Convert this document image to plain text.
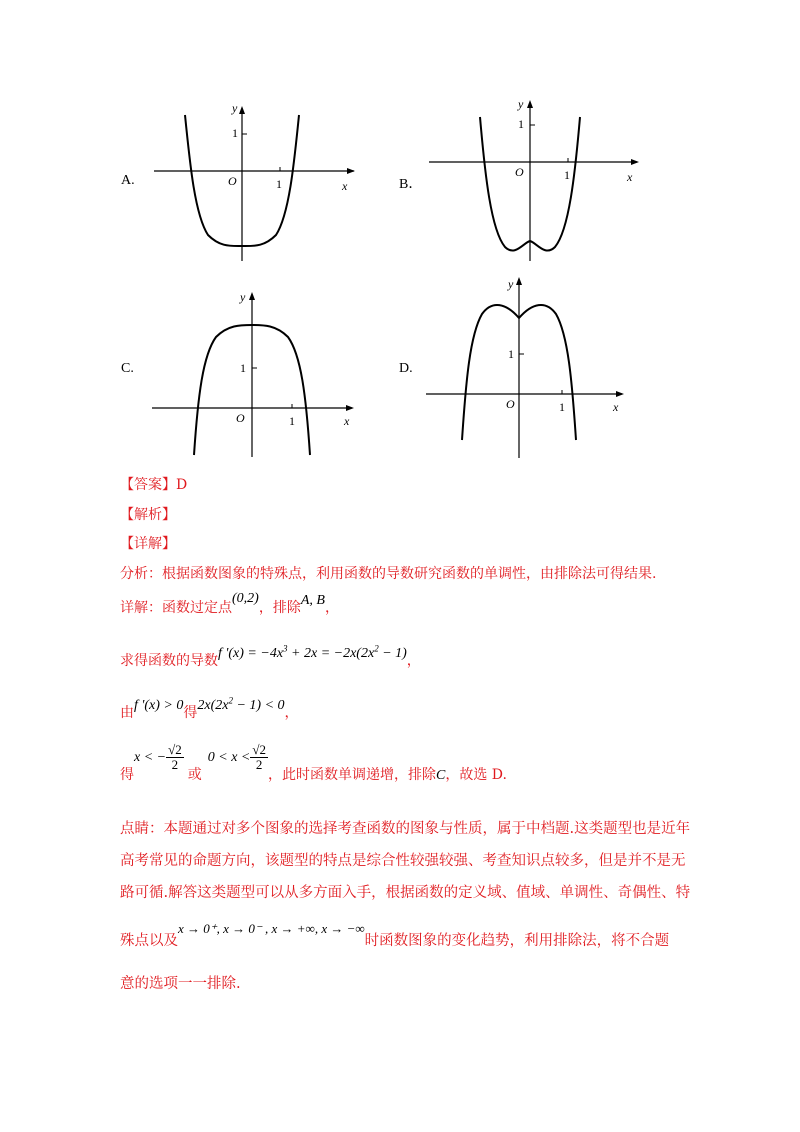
A.
y
1
O	1	x	B．
y
1
O	1	x
C.
y
1
O	1	x
D.
y
1
O	1	x
【答案】D
【解析】
【详解】
分析：根据函数图象的特殊点，利用函数的导数研究函数的单调性，由排除法可得结果.
详解：函数过定点(0,2)，排除A, B，
求得函数的导数f '$(x) = -4x^3 + 2x = -2x(2x^2 - 1)$，
由f '(x) > 0得$2x(2x^2 - 1) < 0$，
得x < − $\frac{√2}{2}$
或$0 < x < \frac{√2}{2}$
，此时函数单调递增，排除C，故选 D.
点睛：本题通过对多个图象的选择考查函数的图象与性质，属于中档题.这类题型也是近年
高考常见的命题方向，该题型的特点是综合性较强较强、考查知识点较多，但是并不是无
路可循.解答这类题型可以从多方面入手，根据函数的定义域、值域、单调性、奇偶性、特
殊点以及x → 0⁺, x → 0⁻ , x → +∞, x → −∞时函数图象的变化趋势，利用排除法，将不合题
意的选项一一排除.
